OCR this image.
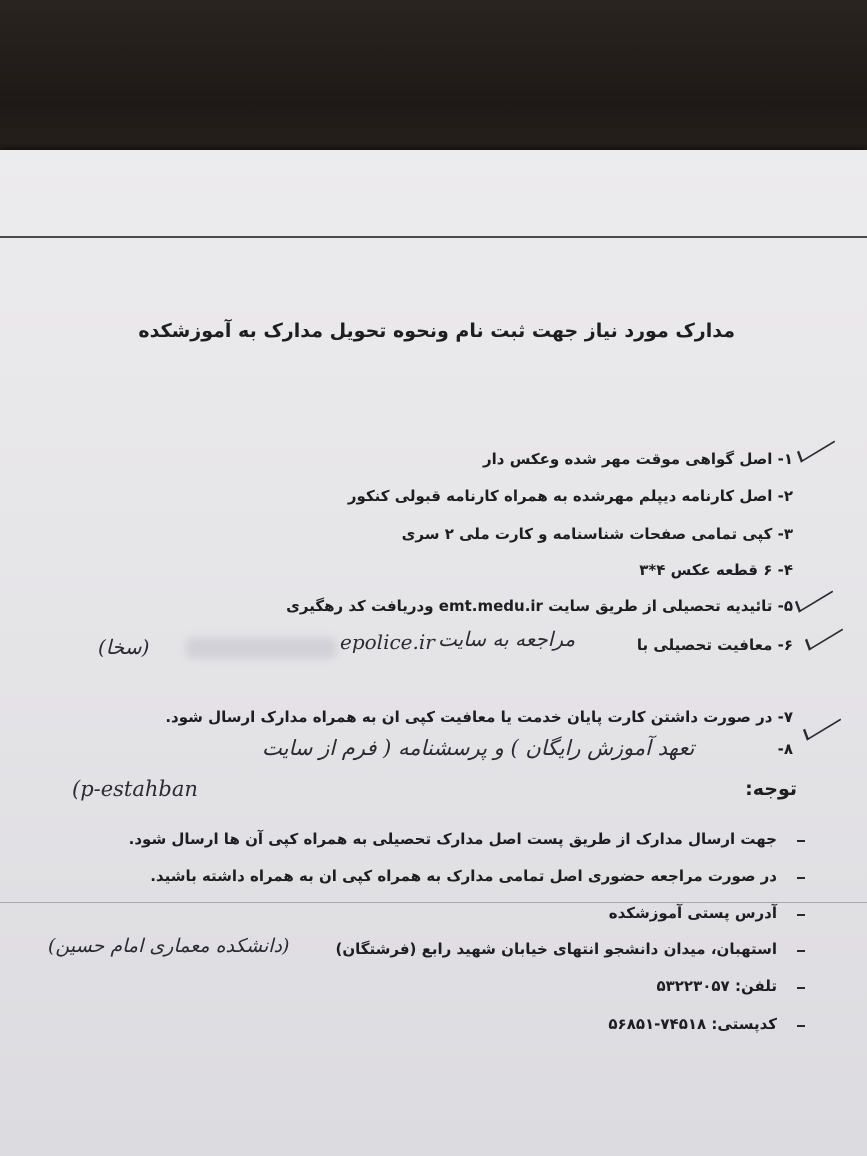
مدارک مورد نیاز جهت ثبت نام ونحوه تحویل مدارک به آموزشکده
۱- اصل گواهی موقت مهر شده وعکس دار
۲- اصل کارنامه دیپلم مهرشده به همراه کارنامه قبولی کنکور
۳- کپی تمامی صفحات شناسنامه و کارت ملی ۲ سری
۴- ۶ قطعه عکس ۴*۳
۵- تائیدیه تحصیلی از طریق سایت emt.medu.ir ودریافت کد رهگیری
۶- معافیت تحصیلی با
۷- در صورت داشتن کارت پایان خدمت یا معافیت کپی ان به همراه مدارک ارسال شود.
۸-
توجه:
جهت ارسال مدارک از طریق پست اصل مدارک تحصیلی به همراه کپی آن ها ارسال شود.
در صورت مراجعه حضوری اصل تمامی مدارک به همراه کپی ان به همراه داشته باشید.
آدرس پستی آموزشکده
استهبان، میدان دانشجو انتهای خیابان شهید رابع (فرشتگان)
تلفن: ۵۳۲۲۳۰۵۷
کدپستی: ۷۴۵۱۸-۵۶۸۵۱
epolice.ir مراجعه به سایت
(سخا)
تعهد آموزش رایگان ) و پرسشنامه ( فرم از سایت
(p-estahban
(دانشکده معماری امام حسین)
